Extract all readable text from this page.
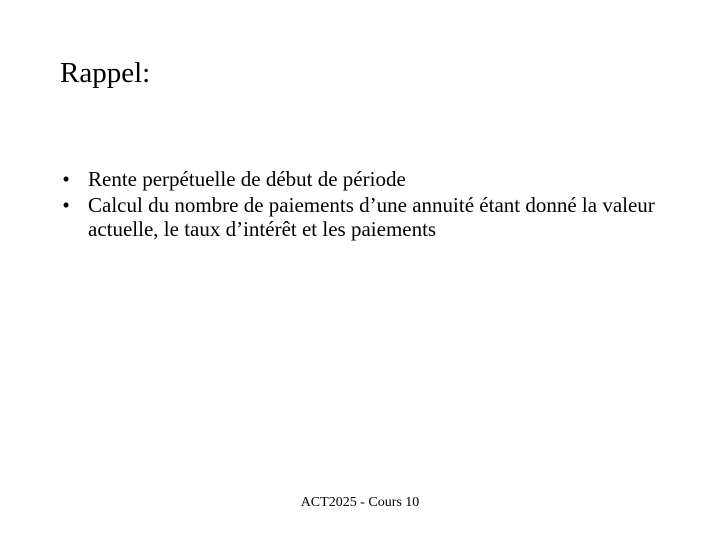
Rappel:
• Rente perpétuelle de début de période
• Calcul du nombre de paiements d’une annuité étant donné la valeur actuelle, le taux d’intérêt et les paiements
ACT2025 - Cours 10
